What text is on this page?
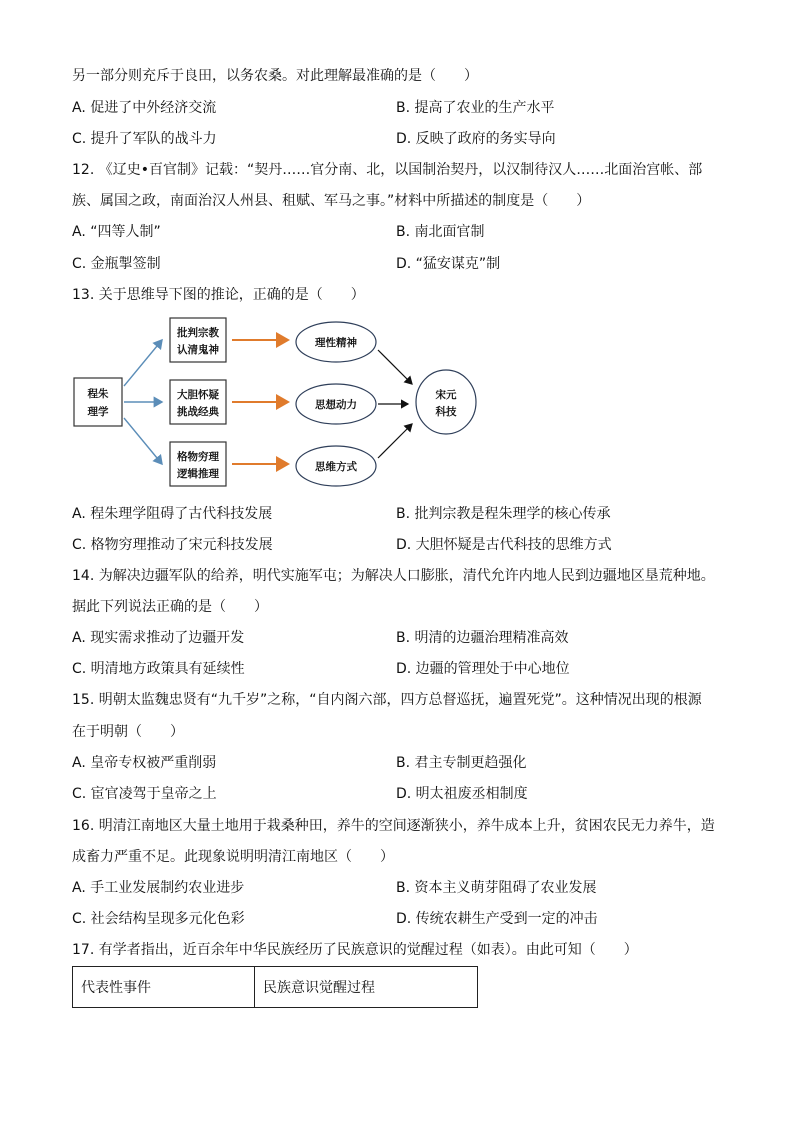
另一部分则充斥于良田，以务农桑。对此理解最准确的是（　　）
A. 促进了中外经济交流	B. 提高了农业的生产水平
C. 提升了军队的战斗力	D. 反映了政府的务实导向
12. 《辽史•百官制》记载：“契丹……官分南、北，以国制治契丹，以汉制待汉人……北面治宫帐、部
族、属国之政，南面治汉人州县、租赋、军马之事。”材料中所描述的制度是（　　）
A. “四等人制”	B. 南北面官制
C. 金瓶掣签制	D. “猛安谋克”制
13. 关于思维导下图的推论，正确的是（　　）
程朱
理学
批判宗教
认清鬼神
大胆怀疑
挑战经典
格物穷理
逻辑推理
理性精神
思想动力
思维方式
宋元
科技
A. 程朱理学阻碍了古代科技发展	B. 批判宗教是程朱理学的核心传承
C. 格物穷理推动了宋元科技发展	D. 大胆怀疑是古代科技的思维方式
14. 为解决边疆军队的给养，明代实施军屯；为解决人口膨胀，清代允许内地人民到边疆地区垦荒种地。
据此下列说法正确的是（　　）
A. 现实需求推动了边疆开发	B. 明清的边疆治理精准高效
C. 明清地方政策具有延续性	D. 边疆的管理处于中心地位
15. 明朝太监魏忠贤有“九千岁”之称，“自内阁六部，四方总督巡抚，遍置死党”。这种情况出现的根源
在于明朝（　　）
A. 皇帝专权被严重削弱	B. 君主专制更趋强化
C. 宦官凌驾于皇帝之上	D. 明太祖废丞相制度
16. 明清江南地区大量土地用于栽桑种田，养牛的空间逐渐狭小，养牛成本上升，贫困农民无力养牛，造
成畜力严重不足。此现象说明明清江南地区（　　）
A. 手工业发展制约农业进步	B. 资本主义萌芽阻碍了农业发展
C. 社会结构呈现多元化色彩	D. 传统农耕生产受到一定的冲击
17. 有学者指出，近百余年中华民族经历了民族意识的觉醒过程（如表）。由此可知（　　）
代表性事件	民族意识觉醒过程
